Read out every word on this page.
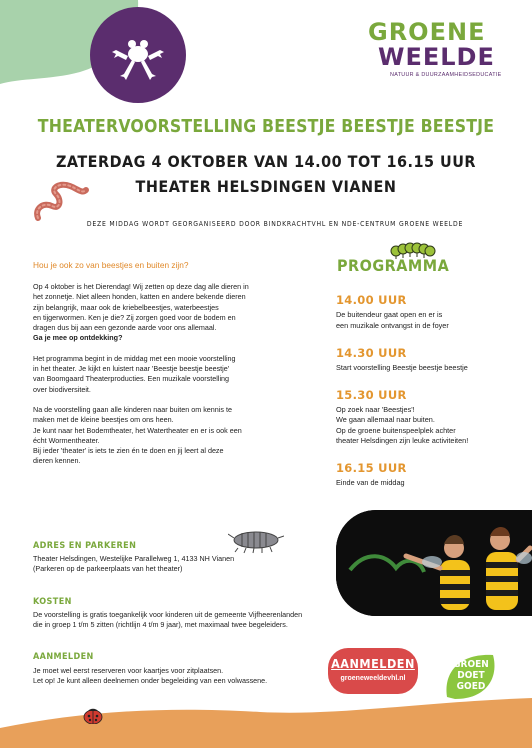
GROENE
WEELDE
NATUUR & DUURZAAMHEIDSEDUCATIE
THEATERVOORSTELLING BEESTJE BEESTJE BEESTJE
ZATERDAG 4 OKTOBER VAN 14.00 TOT 16.15 UUR
THEATER HELSDINGEN VIANEN
DEZE MIDDAG WORDT GEORGANISEERD DOOR BINDKRACHTVHL EN NDE-CENTRUM GROENE WEELDE
Hou je ook zo van beestjes en buiten zijn?
Op 4 oktober is het Dierendag! Wij zetten op deze dag alle dieren in
het zonnetje. Niet alleen honden, katten en andere bekende dieren
zijn belangrijk, maar ook de kriebelbeestjes, waterbeestjes
en tijgerwormen. Ken je die? Zij zorgen goed voor de bodem en
dragen dus bij aan een gezonde aarde voor ons allemaal.
Ga je mee op ontdekking?
Het programma begint in de middag met een mooie voorstelling
in het theater. Je kijkt en luistert naar 'Beestje beestje beestje'
van Boomgaard Theaterproducties. Een muzikale voorstelling
over biodiversiteit.
Na de voorstelling gaan alle kinderen naar buiten om kennis te
maken met de kleine beestjes om ons heen.
Je kunt naar het Bodemtheater, het Watertheater en er is ook een
écht Wormentheater.
Bij ieder 'theater' is iets te zien én te doen en jij leert al deze
dieren kennen.
ADRES EN PARKEREN
Theater Helsdingen, Westelijke Parallelweg 1, 4133 NH Vianen
(Parkeren op de parkeerplaats van het theater)
KOSTEN
De voorstelling is gratis toegankelijk voor kinderen uit de gemeente Vijfheerenlanden
die in groep 1 t/m 5 zitten (richtlijn 4 t/m 9 jaar), met maximaal twee begeleiders.
AANMELDEN
Je moet wel eerst reserveren voor kaartjes voor zitplaatsen.
Let op! Je kunt alleen deelnemen onder begeleiding van een volwassene.
PROGRAMMA
14.00 UUR
De buitendeur gaat open en er is
een muzikale ontvangst in de foyer
14.30 UUR
Start voorstelling Beestje beestje beestje
15.30 UUR
Op zoek naar 'Beestjes'!
We gaan allemaal naar buiten.
Op de groene buitenspeelplek achter
theater Helsdingen zijn leuke activiteiten!
16.15 UUR
Einde van de middag
AANMELDEN
groeneweeldevhl.nl
GROEN
DOET
GOED
